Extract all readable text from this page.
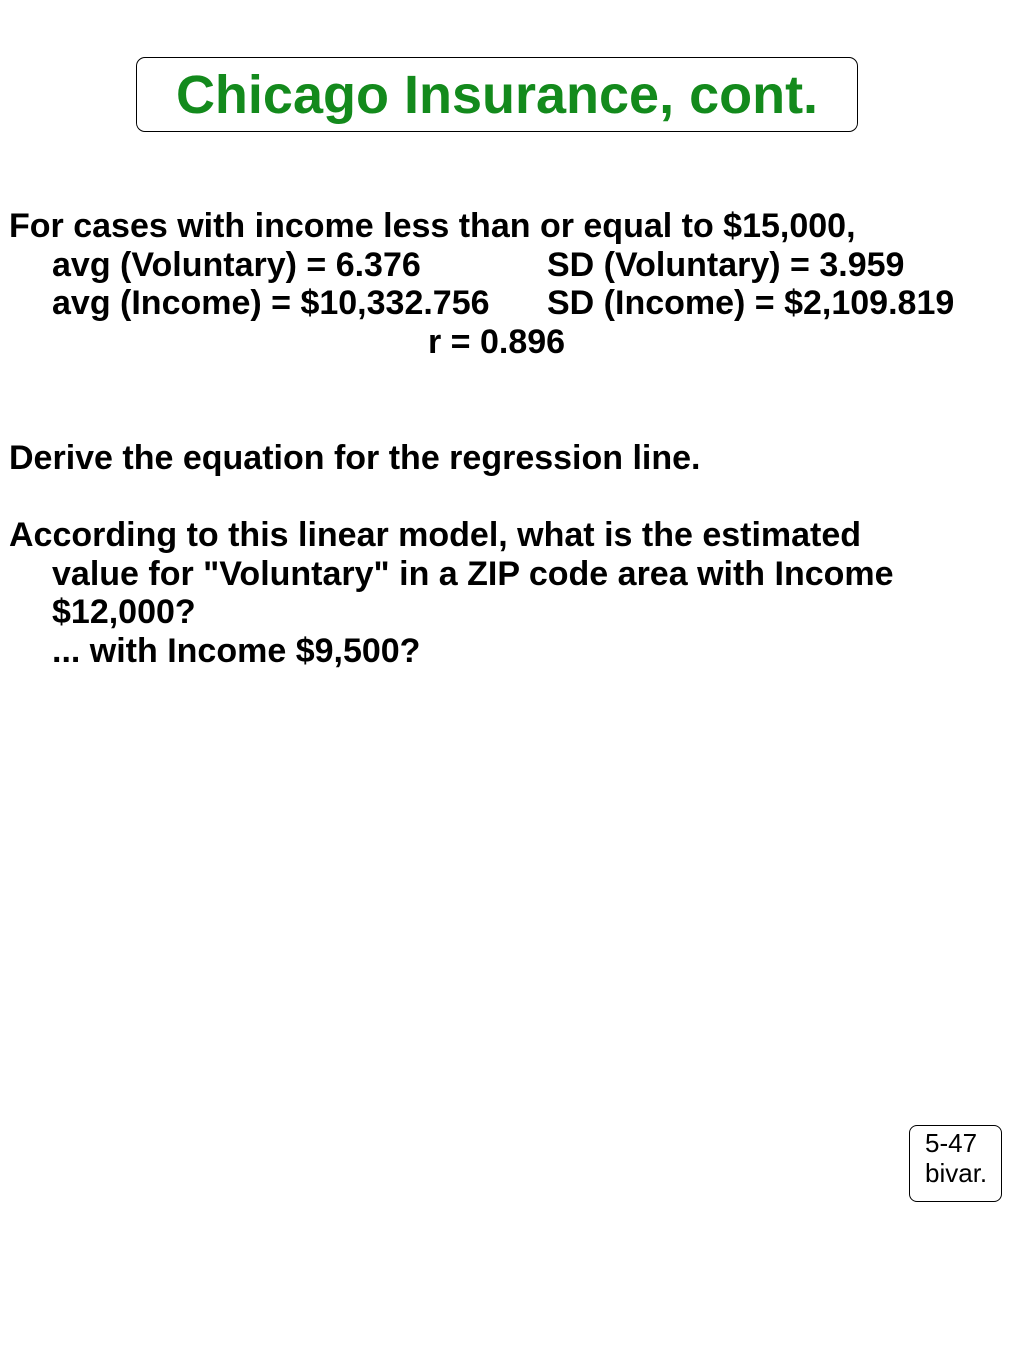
Chicago Insurance, cont.
For cases with income less than or equal to $15,000,
avg (Voluntary) = 6.376	SD (Voluntary) = 3.959
avg (Income) = $10,332.756 SD (Income) = $2,109.819
r = 0.896
Derive the equation for the regression line.
According to this linear model, what is the estimated
value for "Voluntary" in a ZIP code area with Income
$12,000?
... with Income $9,500?
5-47
bivar.
